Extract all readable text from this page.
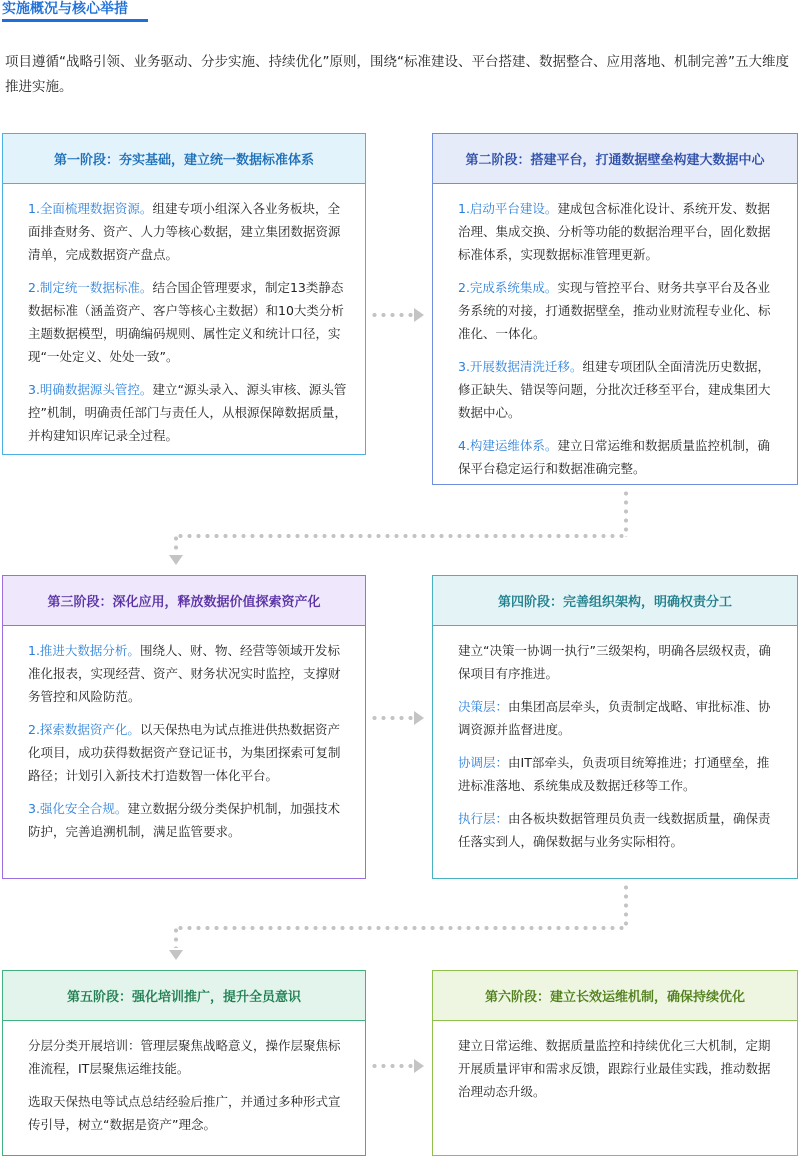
实施概况与核心举措
项目遵循“战略引领、业务驱动、分步实施、持续优化”原则，围绕“标准建设、平台搭建、数据整合、应用落地、机制完善”五大维度推进实施。
第一阶段：夯实基础，建立统一数据标准体系

1.全面梳理数据资源。组建专项小组深入各业务板块，全面排查财务、资产、人力等核心数据，建立集团数据资源清单，完成数据资产盘点。

2.制定统一数据标准。结合国企管理要求，制定13类静态数据标准（涵盖资产、客户等核心主数据）和10大类分析主题数据模型，明确编码规则、属性定义和统计口径，实现“一处定义、处处一致”。

3.明确数据源头管控。建立“源头录入、源头审核、源头管控”机制，明确责任部门与责任人，从根源保障数据质量，并构建知识库记录全过程。

第二阶段：搭建平台，打通数据壁垒构建大数据中心

1.启动平台建设。建成包含标准化设计、系统开发、数据治理、集成交换、分析等功能的数据治理平台，固化数据标准体系，实现数据标准管理更新。

2.完成系统集成。实现与管控平台、财务共享平台及各业务系统的对接，打通数据壁垒，推动业财流程专业化、标准化、一体化。

3.开展数据清洗迁移。组建专项团队全面清洗历史数据，修正缺失、错误等问题，分批次迁移至平台，建成集团大数据中心。

4.构建运维体系。建立日常运维和数据质量监控机制，确保平台稳定运行和数据准确完整。

第三阶段：深化应用，释放数据价值探索资产化

1.推进大数据分析。围绕人、财、物、经营等领域开发标准化报表，实现经营、资产、财务状况实时监控，支撑财务管控和风险防范。

2.探索数据资产化。以天保热电为试点推进供热数据资产化项目，成功获得数据资产登记证书，为集团探索可复制路径；计划引入新技术打造数智一体化平台。

3.强化安全合规。建立数据分级分类保护机制，加强技术防护，完善追溯机制，满足监管要求。

第四阶段：完善组织架构，明确权责分工

建立“决策一协调一执行”三级架构，明确各层级权责，确保项目有序推进。

决策层：由集团高层牵头，负责制定战略、审批标准、协调资源并监督进度。

协调层：由IT部牵头，负责项目统筹推进；打通壁垒，推进标准落地、系统集成及数据迁移等工作。

执行层：由各板块数据管理员负责一线数据质量，确保责任落实到人，确保数据与业务实际相符。

第五阶段：强化培训推广，提升全员意识

分层分类开展培训：管理层聚焦战略意义，操作层聚焦标准流程，IT层聚焦运维技能。

选取天保热电等试点总结经验后推广，并通过多种形式宣传引导，树立“数据是资产”理念。

第六阶段：建立长效运维机制，确保持续优化

建立日常运维、数据质量监控和持续优化三大机制，定期开展质量评审和需求反馈，跟踪行业最佳实践，推动数据治理动态升级。
